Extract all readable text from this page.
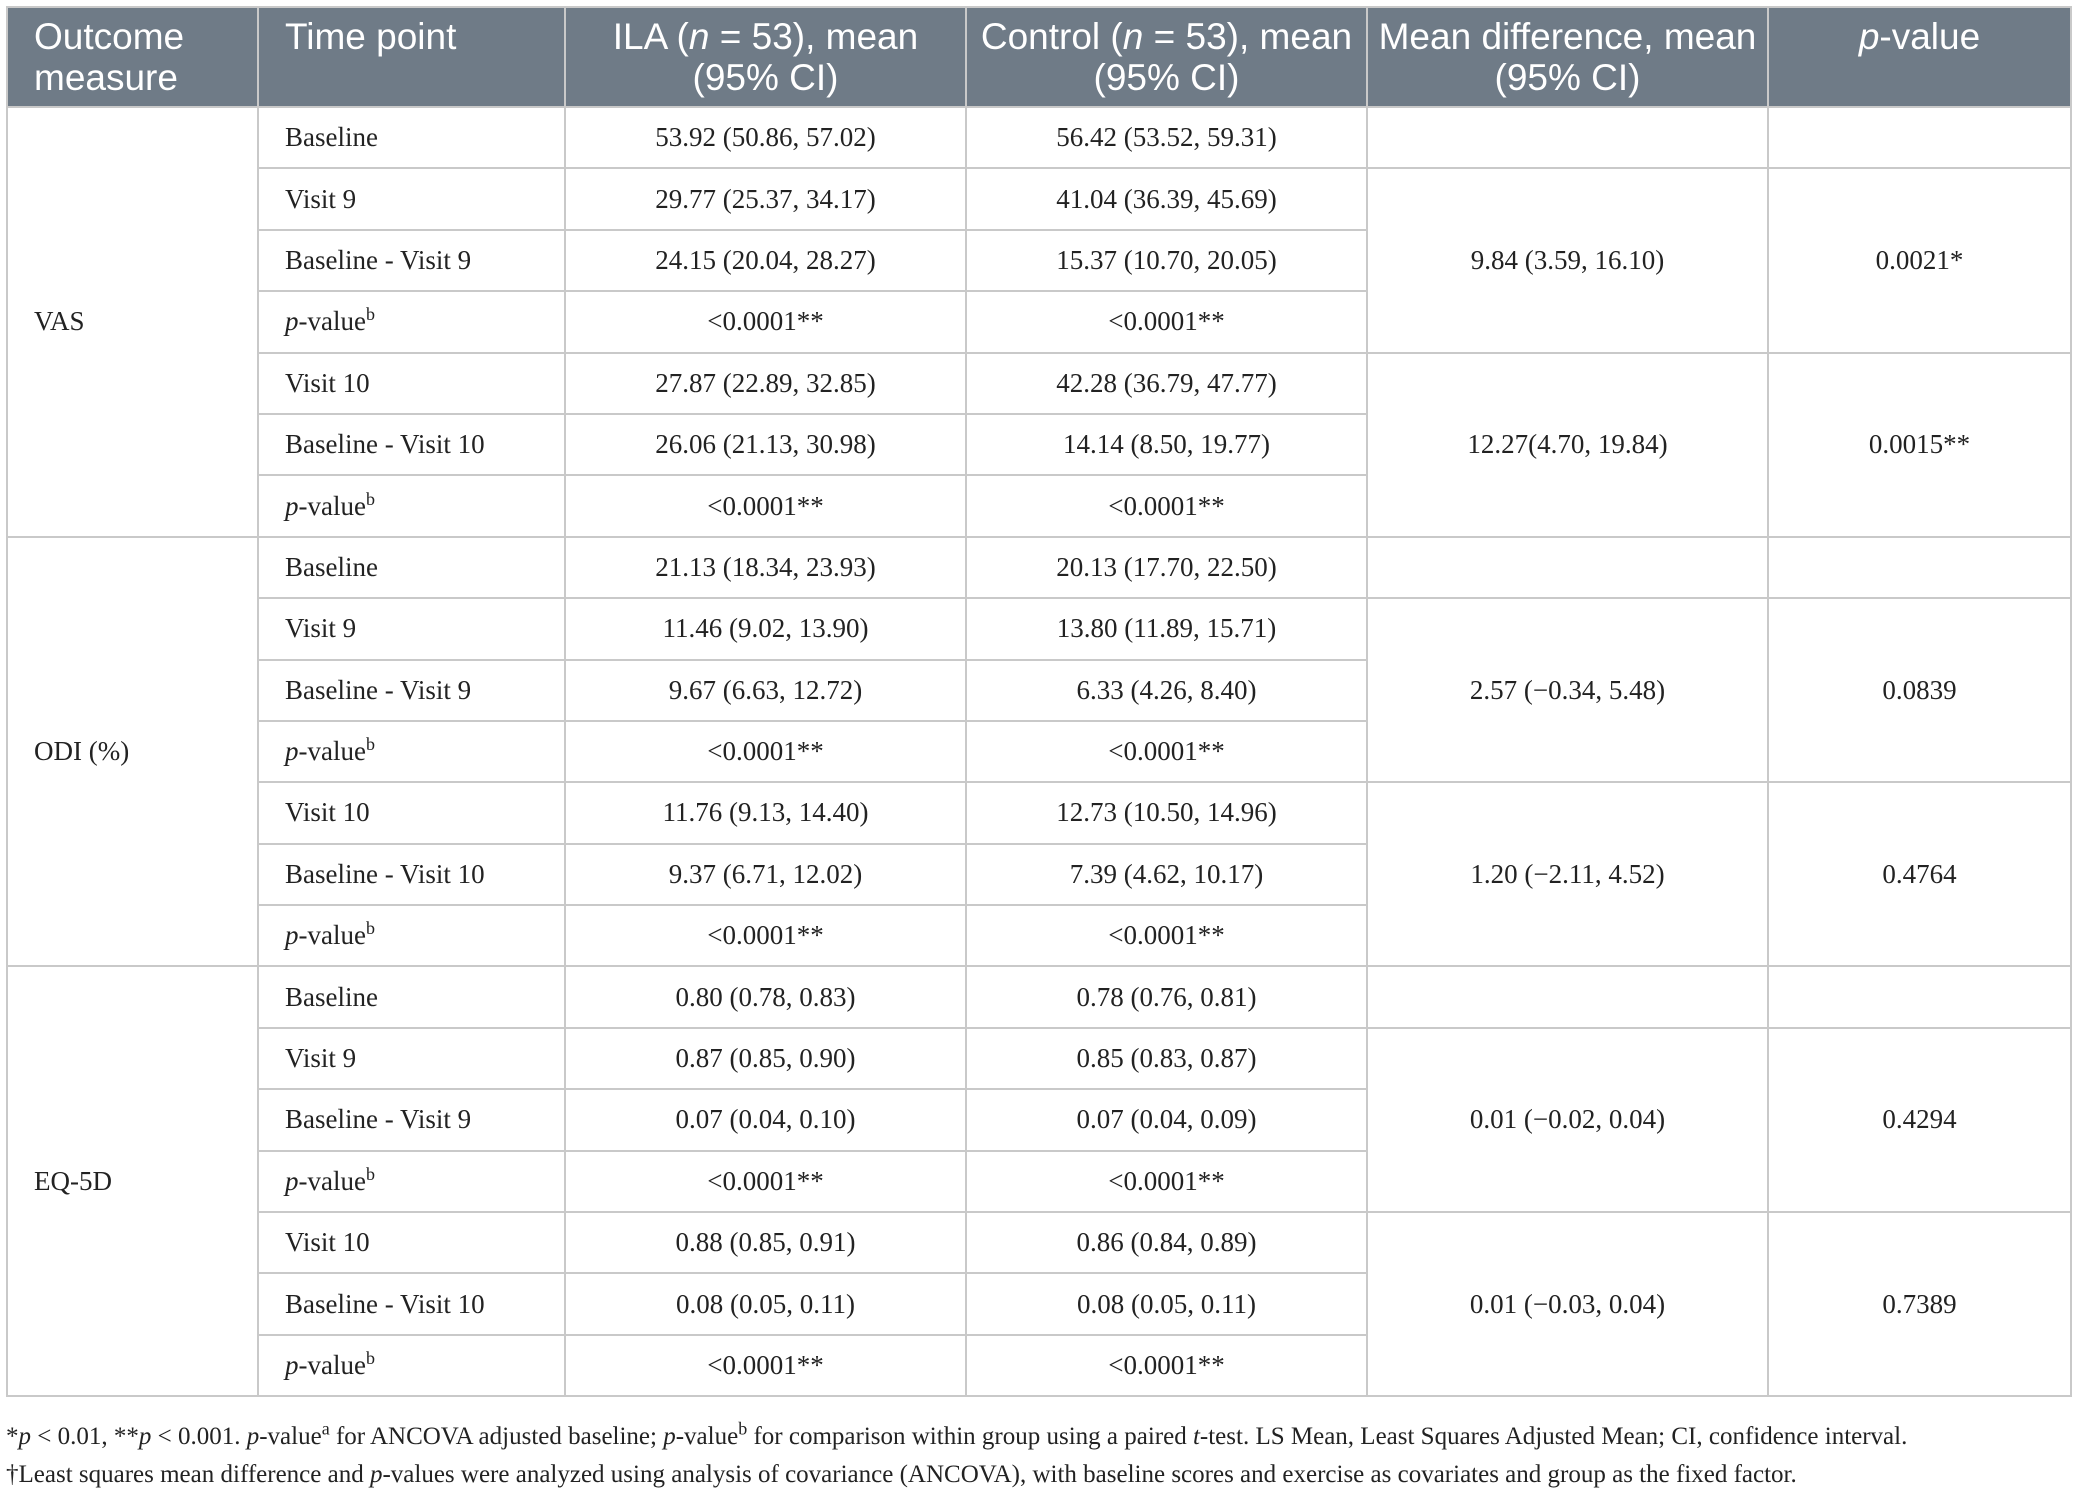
Outcome measure	Time point	ILA (n = 53), mean (95% CI)	Control (n = 53), mean (95% CI)	Mean difference, mean (95% CI)	p-value
VAS	Baseline	53.92 (50.86, 57.02)	56.42 (53.52, 59.31)		
	Visit 9	29.77 (25.37, 34.17)	41.04 (36.39, 45.69)	9.84 (3.59, 16.10)	0.0021*
	Baseline - Visit 9	24.15 (20.04, 28.27)	15.37 (10.70, 20.05)		
	p-value$^b$	<0.0001**	<0.0001**		
	Visit 10	27.87 (22.89, 32.85)	42.28 (36.79, 47.77)	12.27(4.70, 19.84)	0.0015**
	Baseline - Visit 10	26.06 (21.13, 30.98)	14.14 (8.50, 19.77)		
	p-value$^b$	<0.0001**	<0.0001**		
ODI (%)	Baseline	21.13 (18.34, 23.93)	20.13 (17.70, 22.50)		
	Visit 9	11.46 (9.02, 13.90)	13.80 (11.89, 15.71)	2.57 (−0.34, 5.48)	0.0839
	Baseline - Visit 9	9.67 (6.63, 12.72)	6.33 (4.26, 8.40)		
	p-value$^b$	<0.0001**	<0.0001**		
	Visit 10	11.76 (9.13, 14.40)	12.73 (10.50, 14.96)	1.20 (−2.11, 4.52)	0.4764
	Baseline - Visit 10	9.37 (6.71, 12.02)	7.39 (4.62, 10.17)		
	p-value$^b$	<0.0001**	<0.0001**		
EQ-5D	Baseline	0.80 (0.78, 0.83)	0.78 (0.76, 0.81)		
	Visit 9	0.87 (0.85, 0.90)	0.85 (0.83, 0.87)	0.01 (−0.02, 0.04)	0.4294
	Baseline - Visit 9	0.07 (0.04, 0.10)	0.07 (0.04, 0.09)		
	p-value$^b$	<0.0001**	<0.0001**		
	Visit 10	0.88 (0.85, 0.91)	0.86 (0.84, 0.89)	0.01 (−0.03, 0.04)	0.7389
	Baseline - Visit 10	0.08 (0.05, 0.11)	0.08 (0.05, 0.11)		
	p-value$^b$	<0.0001**	<0.0001**		

*p < 0.01, **p < 0.001. p-value$^a$ for ANCOVA adjusted baseline; p-value$^b$ for comparison within group using a paired t-test. LS Mean, Least Squares Adjusted Mean; CI, confidence interval.

†Least squares mean difference and p-values were analyzed using analysis of covariance (ANCOVA), with baseline scores and exercise as covariates and group as the fixed factor.
